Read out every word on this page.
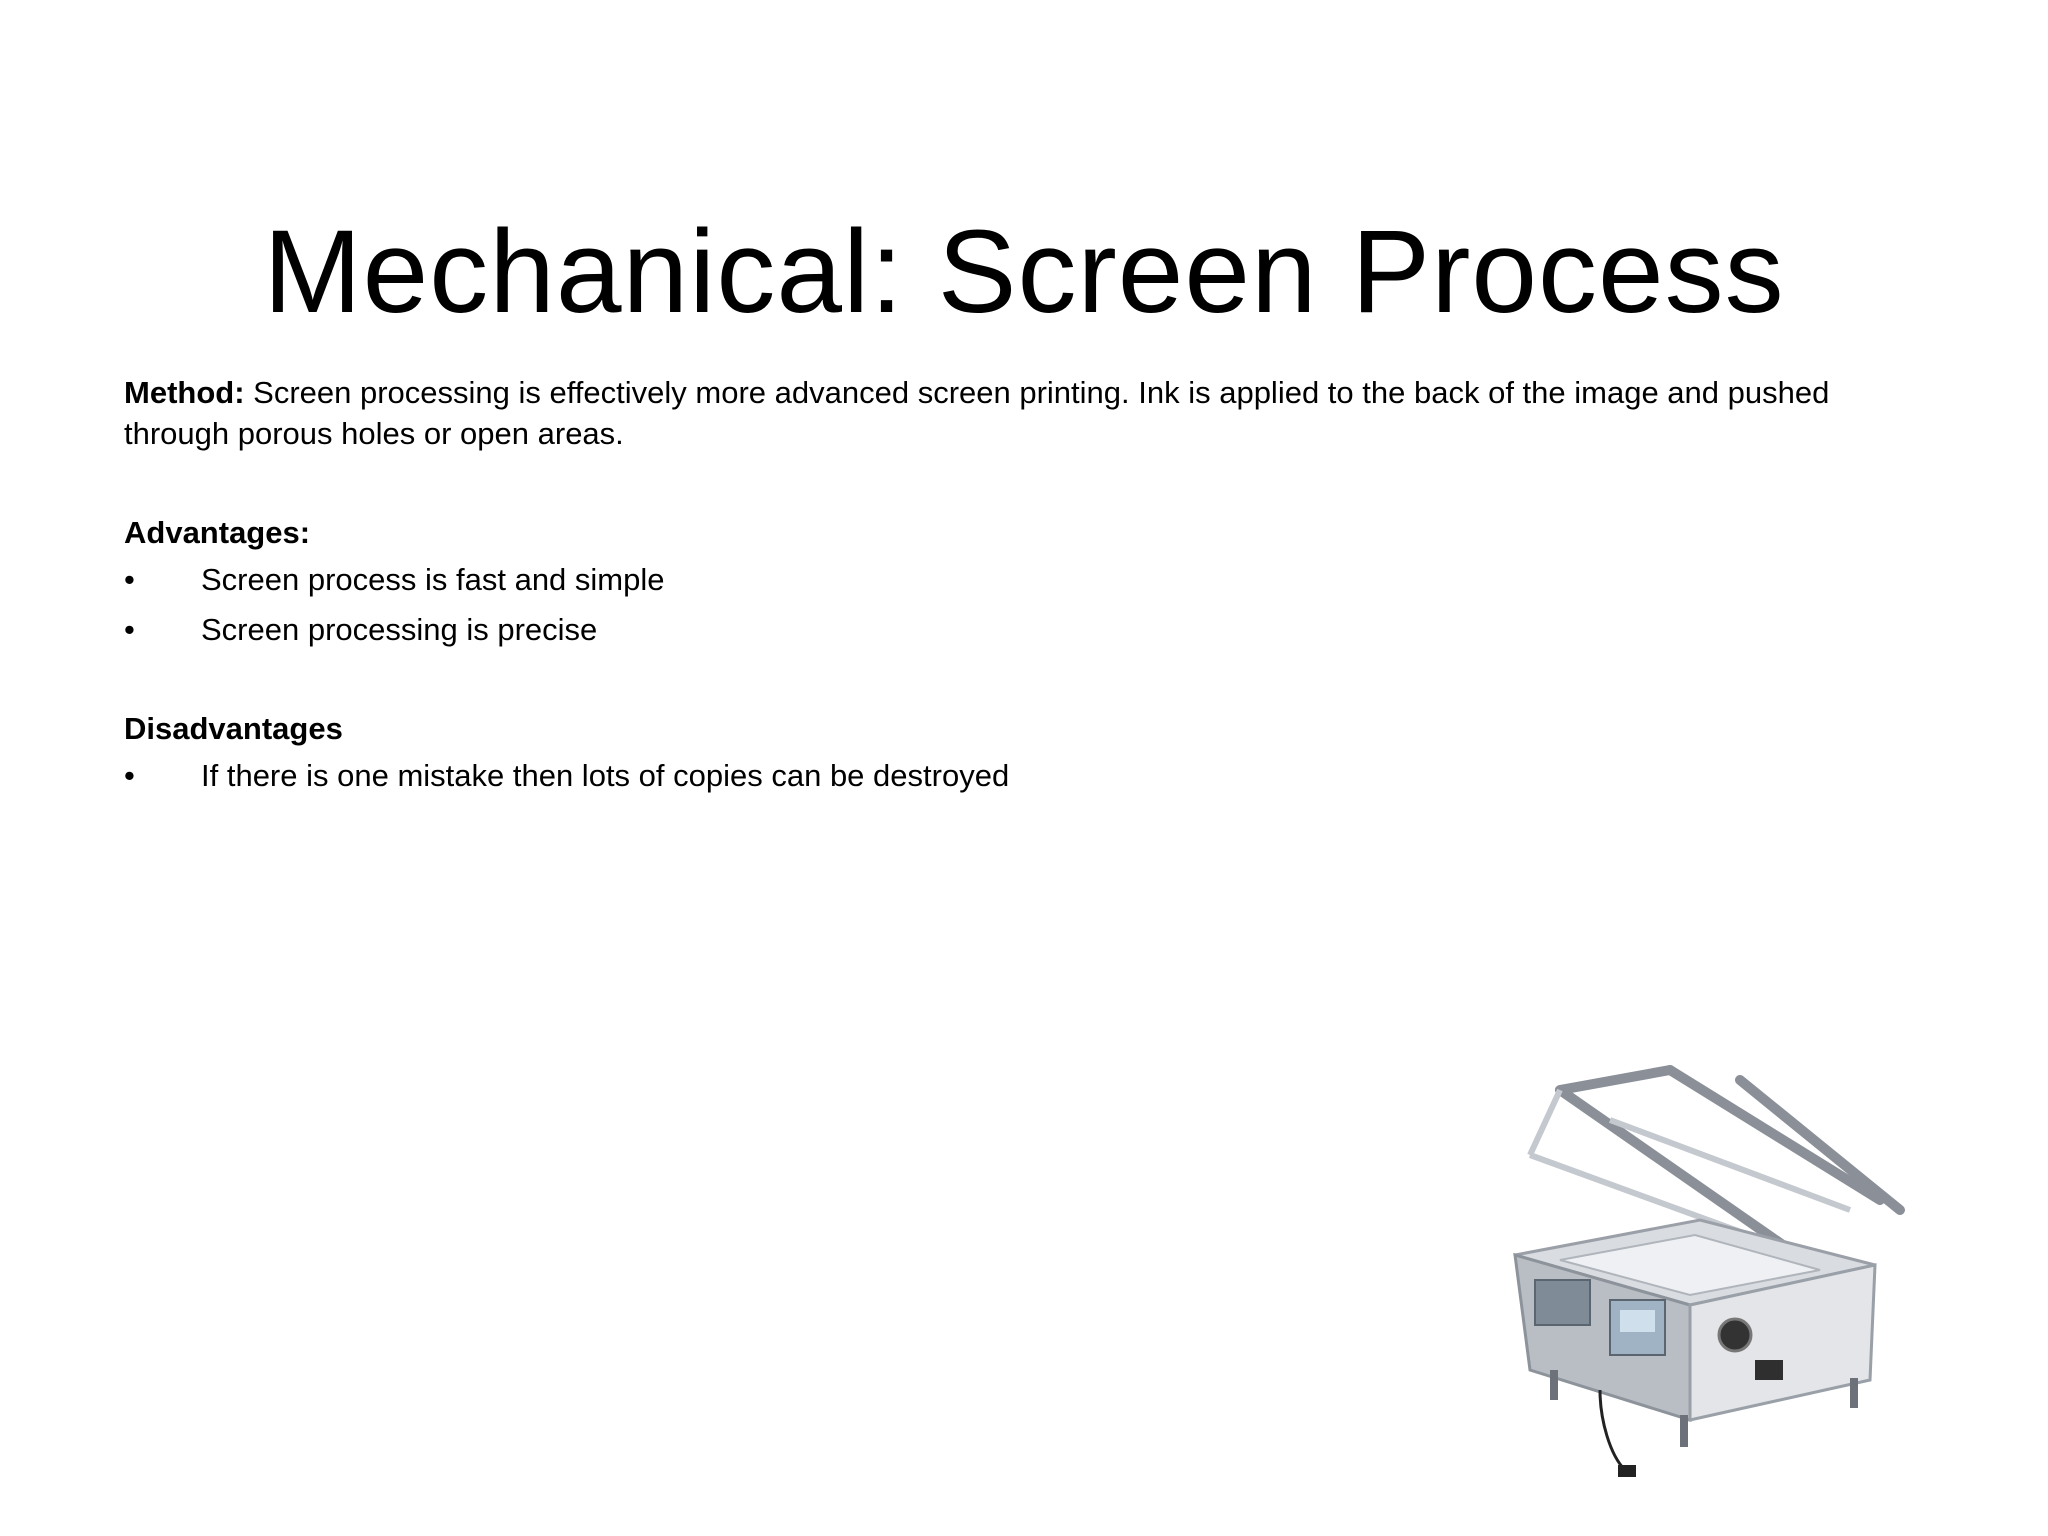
Mechanical: Screen Process

Method: Screen processing is effectively more advanced screen printing. Ink is applied to the back of the image and pushed through porous holes or open areas.

Advantages:

• Screen process is fast and simple
• Screen processing is precise

Disadvantages

• If there is one mistake then lots of copies can be destroyed
